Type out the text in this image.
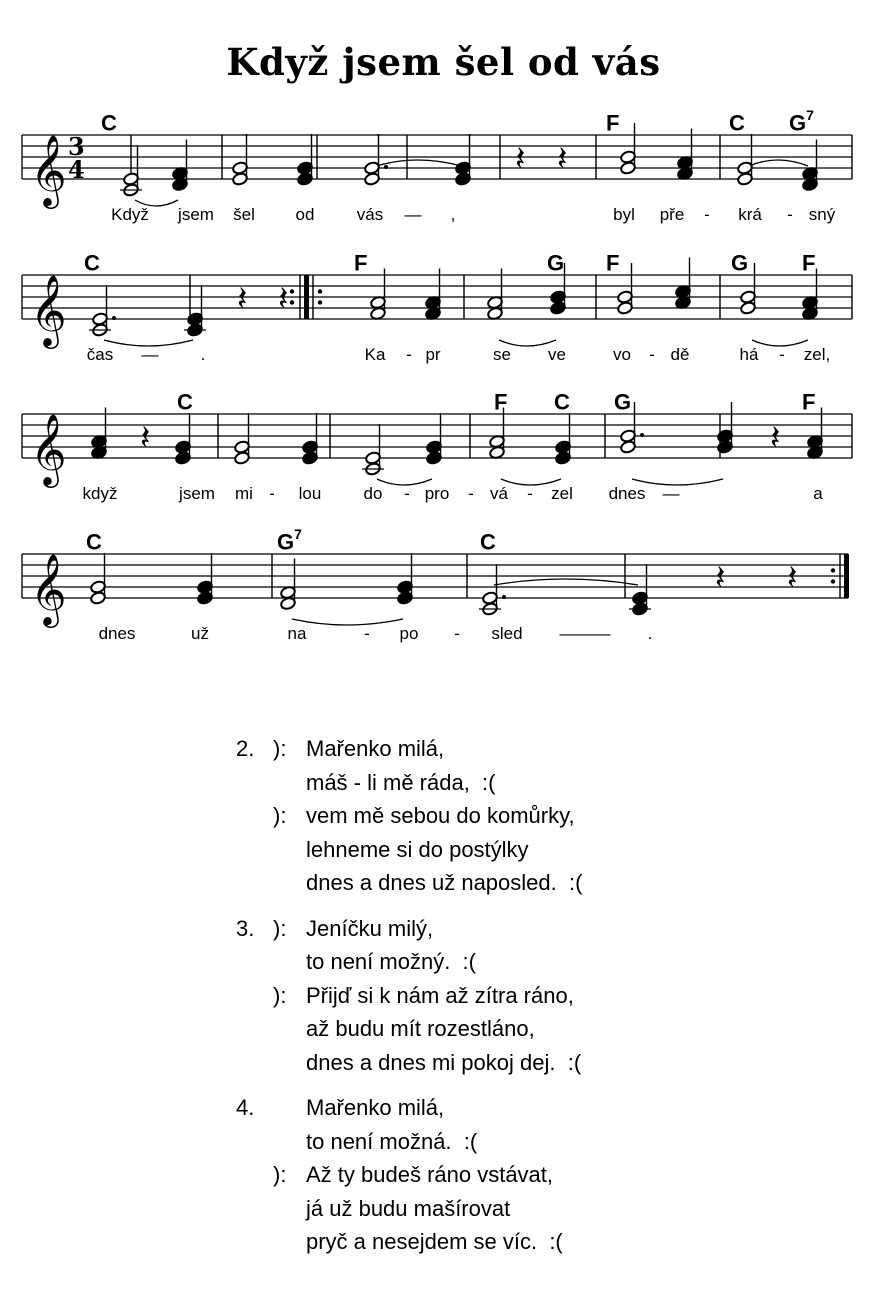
Když jsem šel od vás
C	F	C $G^7$
Když jsem šel od vás — ,	byl pře - krá - sný
𝄞 3
4	𝄽 𝄽
C	F	G F	G F
čas — .	Ka - pr	se ve	vo - dě	há - zel,
𝄞	𝄽 𝄽
C	F C G	F
když	jsem mi - lou do - pro - vá - zel dnes —	a
𝄞 𝄽	𝄽
C	$G^7$	C
dnes	už	na	- po - sled ——— .
𝄞	𝄽 𝄽
2. ): Mařenko milá,
máš - li mě ráda,  :(
): vem mě sebou do komůrky,
lehneme si do postýlky
dnes a dnes už naposled.  :(
3. ): Jeníčku milý,
to není možný.  :(
): Přijď si k nám až zítra ráno,
až budu mít rozestláno,
dnes a dnes mi pokoj dej.  :(
4.	Mařenko milá,
to není možná.  :(
): Až ty budeš ráno vstávat,
já už budu mašírovat
pryč a nesejdem se víc.  :(
